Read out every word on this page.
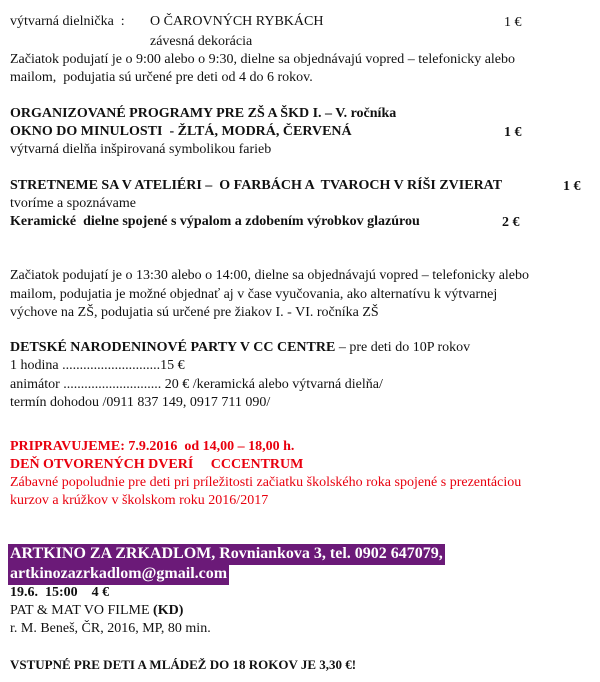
výtvarná dielnička  : O ČAROVNÝCH RYBKÁCH	1 €
závesná dekorácia
Začiatok podujatí je o 9:00 alebo o 9:30, dielne sa objednávajú vopred – telefonicky alebo
mailom,  podujatia sú určené pre deti od 4 do 6 rokov.
ORGANIZOVANÉ PROGRAMY PRE ZŠ A ŠKD I. – V. ročníka
OKNO DO MINULOSTI  - ŽLTÁ, MODRÁ, ČERVENÁ	1 €
výtvarná dielňa inšpirovaná symbolikou farieb
STRETNEME SA V ATELIÉRI –  O FARBÁCH A  TVAROCH V RÍŠI ZVIERAT	1 €
tvoríme a spoznávame
Keramické  dielne spojené s výpalom a zdobením výrobkov glazúrou	2 €
Začiatok podujatí je o 13:30 alebo o 14:00, dielne sa objednávajú vopred – telefonicky alebo
mailom, podujatia je možné objednať aj v čase vyučovania, ako alternatívu k výtvarnej
výchove na ZŠ, podujatia sú určené pre žiakov I. - VI. ročníka ZŠ
DETSKÉ NARODENINOVÉ PARTY V CC CENTRE – pre deti do 10P rokov
1 hodina ............................15 €
animátor ............................ 20 € /keramická alebo výtvarná dielňa/
termín dohodou /0911 837 149, 0917 711 090/
PRIPRAVUJEME: 7.9.2016  od 14,00 – 18,00 h.
DEŇ OTVORENÝCH DVERÍ     CCCENTRUM
Zábavné popoludnie pre deti pri príležitosti začiatku školského roka spojené s prezentáciou
kurzov a krúžkov v školskom roku 2016/2017
ARTKINO ZA ZRKADLOM, Rovniankova 3, tel. 0902 647079,
artkinozazrkadlom@gmail.com
19.6.  15:00    4 €
PAT & MAT VO FILME (KD)
r. M. Beneš, ČR, 2016, MP, 80 min.
VSTUPNÉ PRE DETI A MLÁDEŽ DO 18 ROKOV JE 3,30 €!
